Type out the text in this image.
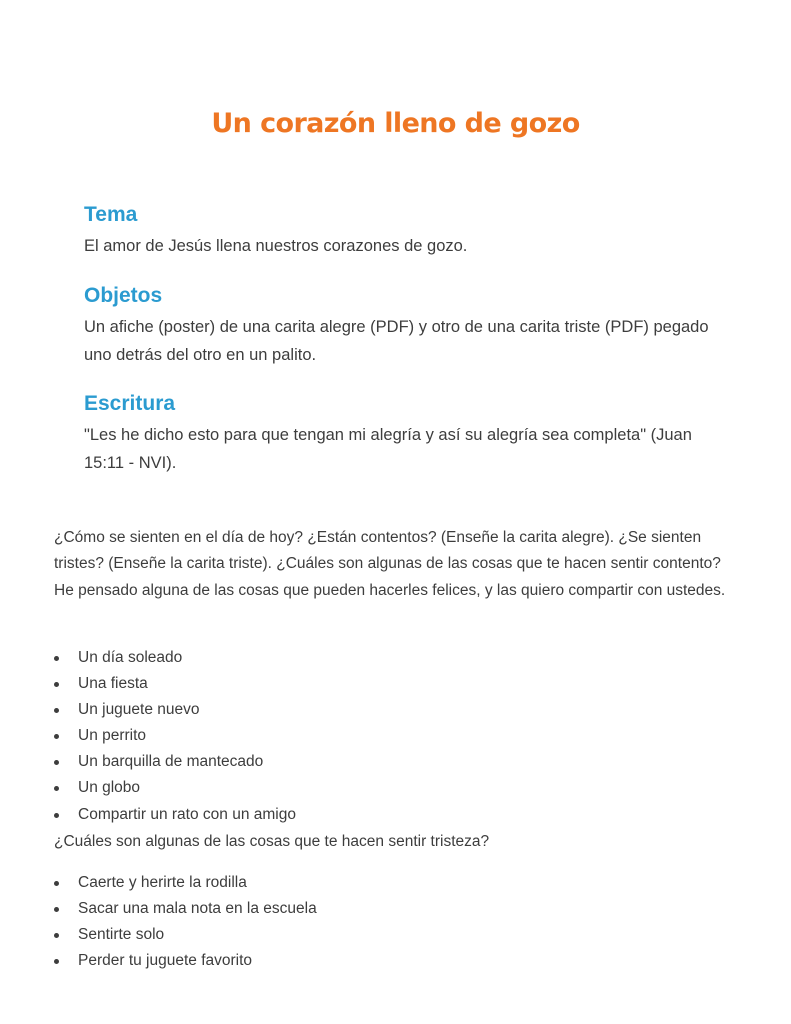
Un corazón lleno de gozo
Tema

El amor de Jesús llena nuestros corazones de gozo.

Objetos

Un afiche (poster) de una carita alegre (PDF) y otro de una carita triste (PDF) pegado uno detrás del otro en un palito.

Escritura

"Les he dicho esto para que tengan mi alegría y así su alegría sea completa" (Juan 15:11 - NVI).

¿Cómo se sienten en el día de hoy? ¿Están contentos? (Enseñe la carita alegre). ¿Se sienten tristes? (Enseñe la carita triste). ¿Cuáles son algunas de las cosas que te hacen sentir contento? He pensado alguna de las cosas que pueden hacerles felices, y las quiero compartir con ustedes.

Un día soleado
Una fiesta
Un juguete nuevo
Un perrito
Un barquilla de mantecado
Un globo
Compartir un rato con un amigo

¿Cuáles son algunas de las cosas que te hacen sentir tristeza?

Caerte y herirte la rodilla
Sacar una mala nota en la escuela
Sentirte solo
Perder tu juguete favorito
